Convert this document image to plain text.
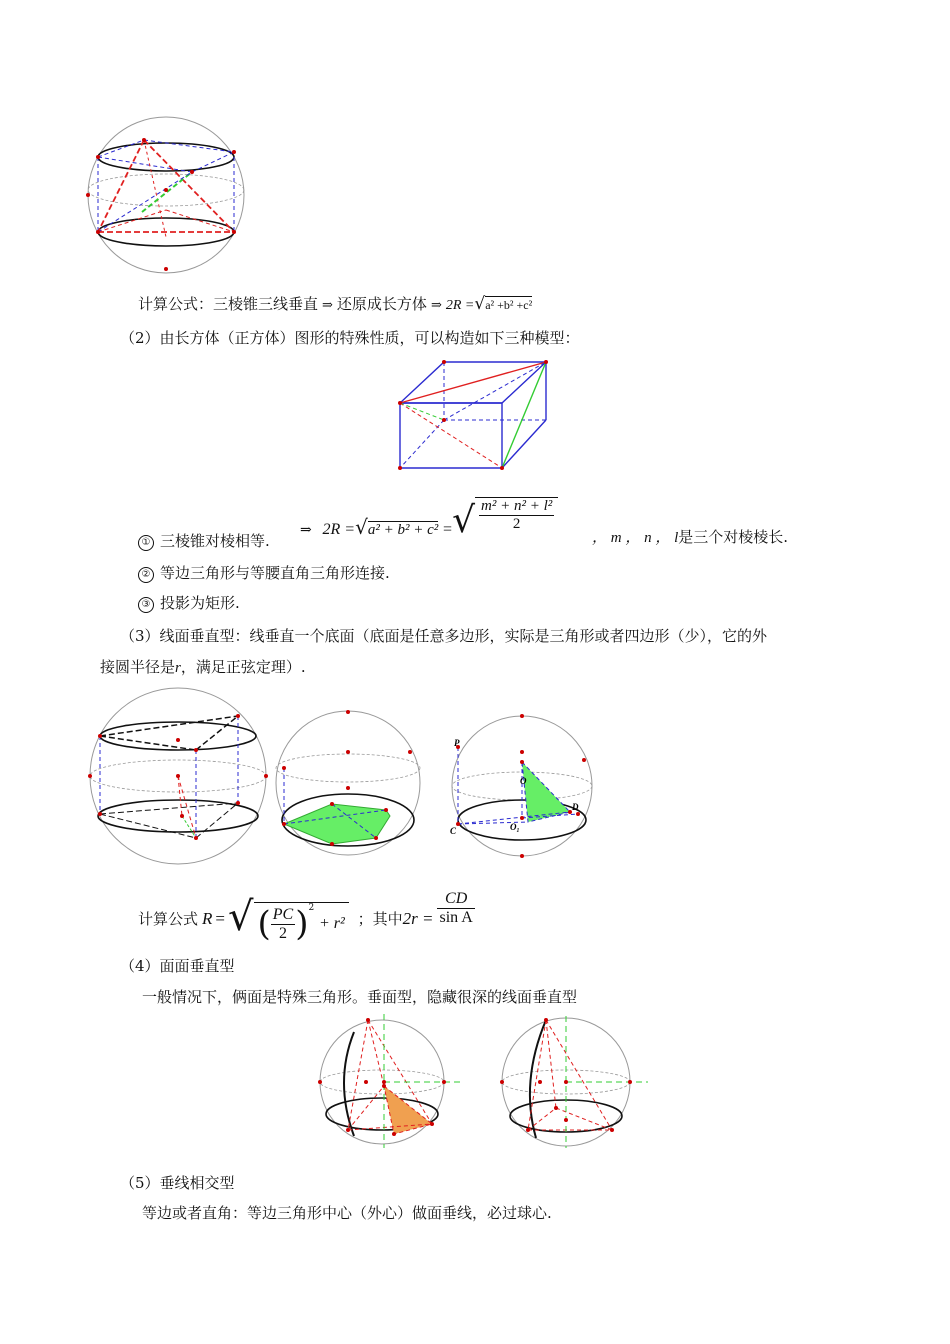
计算公式：三棱锥三线垂直 ⇒ 还原成长方体 ⇒ 2R =√a² +b² +c²
（2）由长方体（正方体）图形的特殊性质，可以构造如下三种模型：
⇒ 2R =√a² + b² + c² =√ $\frac{\text{m² + n² + l²}}{2}$
， m ， n ， l是三个对棱棱长.
① 三棱锥对棱相等.
② 等边三角形与等腰直角三角形连接.
③ 投影为矩形.
（3）线面垂直型：线垂直一个底面（底面是任意多边形，实际是三角形或者四边形（少），它的外
接圆半径是r，满足正弦定理）.
P
O
C	O₁
D
计算公式 R =√ ( $\frac{PC}{2} )^2 + r^2$ ；其中$2r = \frac{CD}{\text{sin A}}$
（4）面面垂直型
一般情况下，俩面是特殊三角形。垂面型，隐藏很深的线面垂直型
（5）垂线相交型
等边或者直角：等边三角形中心（外心）做面垂线，必过球心.
